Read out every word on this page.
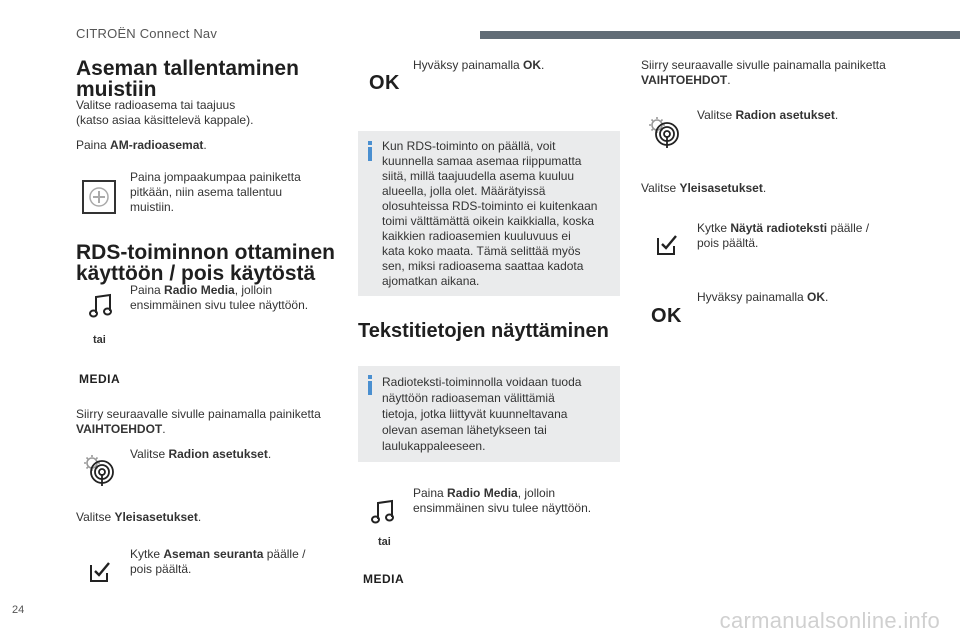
CITROËN Connect Nav
Aseman tallentaminen
muistiin

Valitse radioasema tai taajuus
(katso asiaa käsittelevä kappale).

Paina AM-radioasemat.

Paina jompaakumpaa painiketta
pitkään, niin asema tallentuu
muistiin.

RDS-toiminnon ottaminen
käyttöön / pois käytöstä

Paina Radio Media, jolloin
ensimmäinen sivu tulee näyttöön.

tai
MEDIA

Siirry seuraavalle sivulle painamalla painiketta
VAIHTOEHDOT.

Valitse Radion asetukset.

Valitse Yleisasetukset.

Kytke Aseman seuranta päälle /
pois päältä.

OK

Hyväksy painamalla OK.

Kun RDS-toiminto on päällä, voit
kuunnella samaa asemaa riippumatta
siitä, millä taajuudella asema kuuluu
alueella, jolla olet. Määrätyissä
olosuhteissa RDS-toiminto ei kuitenkaan
toimi välttämättä oikein kaikkialla, koska
kaikkien radioasemien kuuluvuus ei
kata koko maata. Tämä selittää myös
sen, miksi radioasema saattaa kadota
ajomatkan aikana.

Tekstitietojen näyttäminen

Radioteksti-toiminnolla voidaan tuoda
näyttöön radioaseman välittämiä
tietoja, jotka liittyvät kuunneltavana
olevan aseman lähetykseen tai
laulukappaleeseen.

Paina Radio Media, jolloin
ensimmäinen sivu tulee näyttöön.

tai
MEDIA

Siirry seuraavalle sivulle painamalla painiketta
VAIHTOEHDOT.

Valitse Radion asetukset.

Valitse Yleisasetukset.

Kytke Näytä radioteksti päälle /
pois päältä.

OK

Hyväksy painamalla OK.

24	carmanualsonline.info
